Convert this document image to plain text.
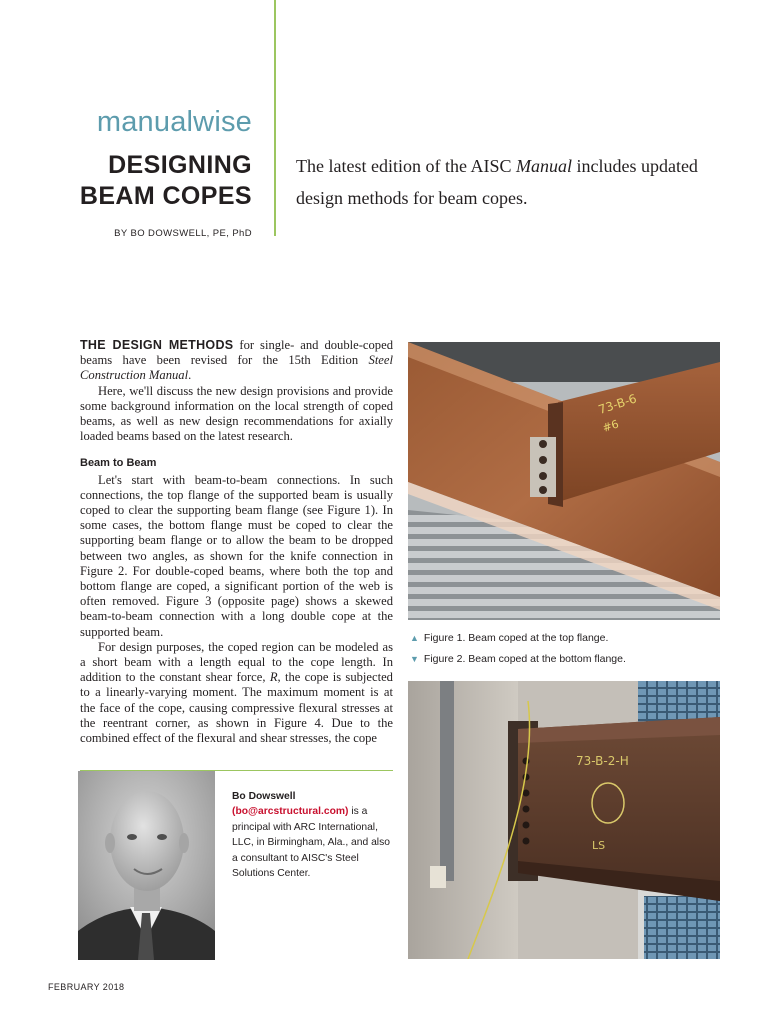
manualwise
DESIGNING
BEAM COPES
BY BO DOWSWELL, PE, PhD
The latest edition of the AISC Manual includes updated design methods for beam copes.

THE DESIGN METHODS for single- and double-coped beams have been revised for the 15th Edition Steel Construction Manual.

Here, we'll discuss the new design provisions and provide some background information on the local strength of coped beams, as well as new design recommendations for axially loaded beams based on the latest research.

Beam to Beam

Let's start with beam-to-beam connections. In such connections, the top flange of the supported beam is usually coped to clear the supporting beam flange (see Figure 1). In some cases, the bottom flange must be coped to clear the supporting beam flange or to allow the beam to be dropped between two angles, as shown for the knife connection in Figure 2. For double-coped beams, where both the top and bottom flange are coped, a significant portion of the web is often removed. Figure 3 (opposite page) shows a skewed beam-to-beam connection with a long double cope at the supported beam.

For design purposes, the coped region can be modeled as a short beam with a length equal to the cope length. In addition to the constant shear force, R, the cope is subjected to a linearly-varying moment. The maximum moment is at the face of the cope, causing compressive flexural stresses at the reentrant corner, as shown in Figure 4. Due to the combined effect of the flexural and shear stresses, the cope

73-B-6
#6
▲ Figure 1. Beam coped at the top flange.
▼ Figure 2. Beam coped at the bottom flange.
73-B-2-H
LS
Bo Dowswell (bo@arcstructural.com) is a principal with ARC International, LLC, in Birmingham, Ala., and also a consultant to AISC's Steel Solutions Center.
FEBRUARY 2018
